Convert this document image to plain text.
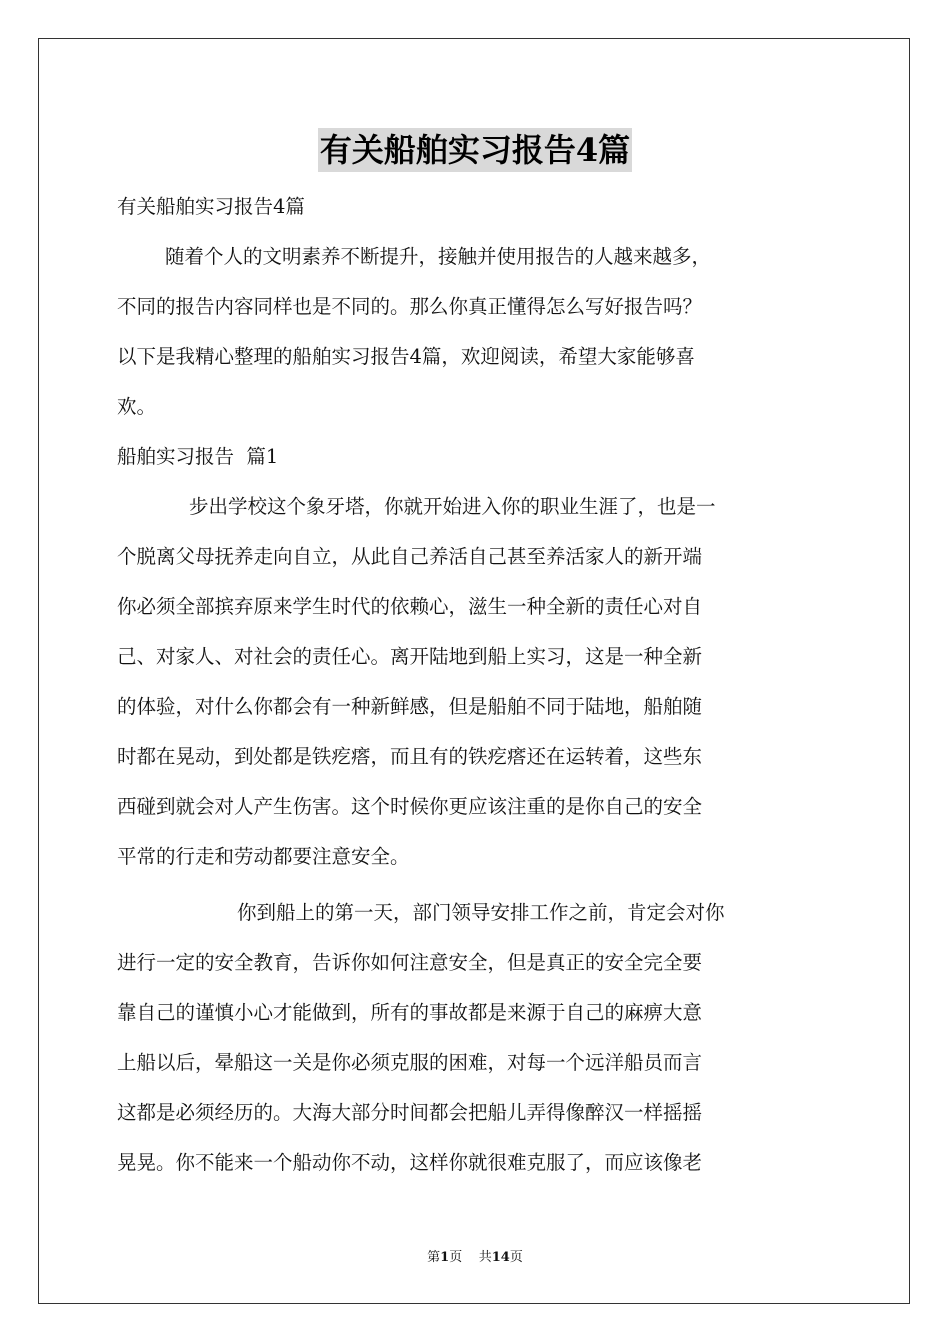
有关船舶实习报告4篇
有关船舶实习报告4篇
随着个人的文明素养不断提升，接触并使用报告的人越来越多，
不同的报告内容同样也是不同的。那么你真正懂得怎么写好报告吗？
以下是我精心整理的船舶实习报告4篇，欢迎阅读，希望大家能够喜
欢。
船舶实习报告  篇1
步出学校这个象牙塔，你就开始进入你的职业生涯了，也是一
个脱离父母抚养走向自立，从此自己养活自己甚至养活家人的新开端
你必须全部摈弃原来学生时代的依赖心，滋生一种全新的责任心对自
己、对家人、对社会的责任心。离开陆地到船上实习，这是一种全新
的体验，对什么你都会有一种新鲜感，但是船舶不同于陆地，船舶随
时都在晃动，到处都是铁疙瘩，而且有的铁疙瘩还在运转着，这些东
西碰到就会对人产生伤害。这个时候你更应该注重的是你自己的安全
平常的行走和劳动都要注意安全。
你到船上的第一天，部门领导安排工作之前，肯定会对你
进行一定的安全教育，告诉你如何注意安全，但是真正的安全完全要
靠自己的谨慎小心才能做到，所有的事故都是来源于自己的麻痹大意
上船以后，晕船这一关是你必须克服的困难，对每一个远洋船员而言
这都是必须经历的。大海大部分时间都会把船儿弄得像醉汉一样摇摇
晃晃。你不能来一个船动你不动，这样你就很难克服了，而应该像老
第1页 共14页
